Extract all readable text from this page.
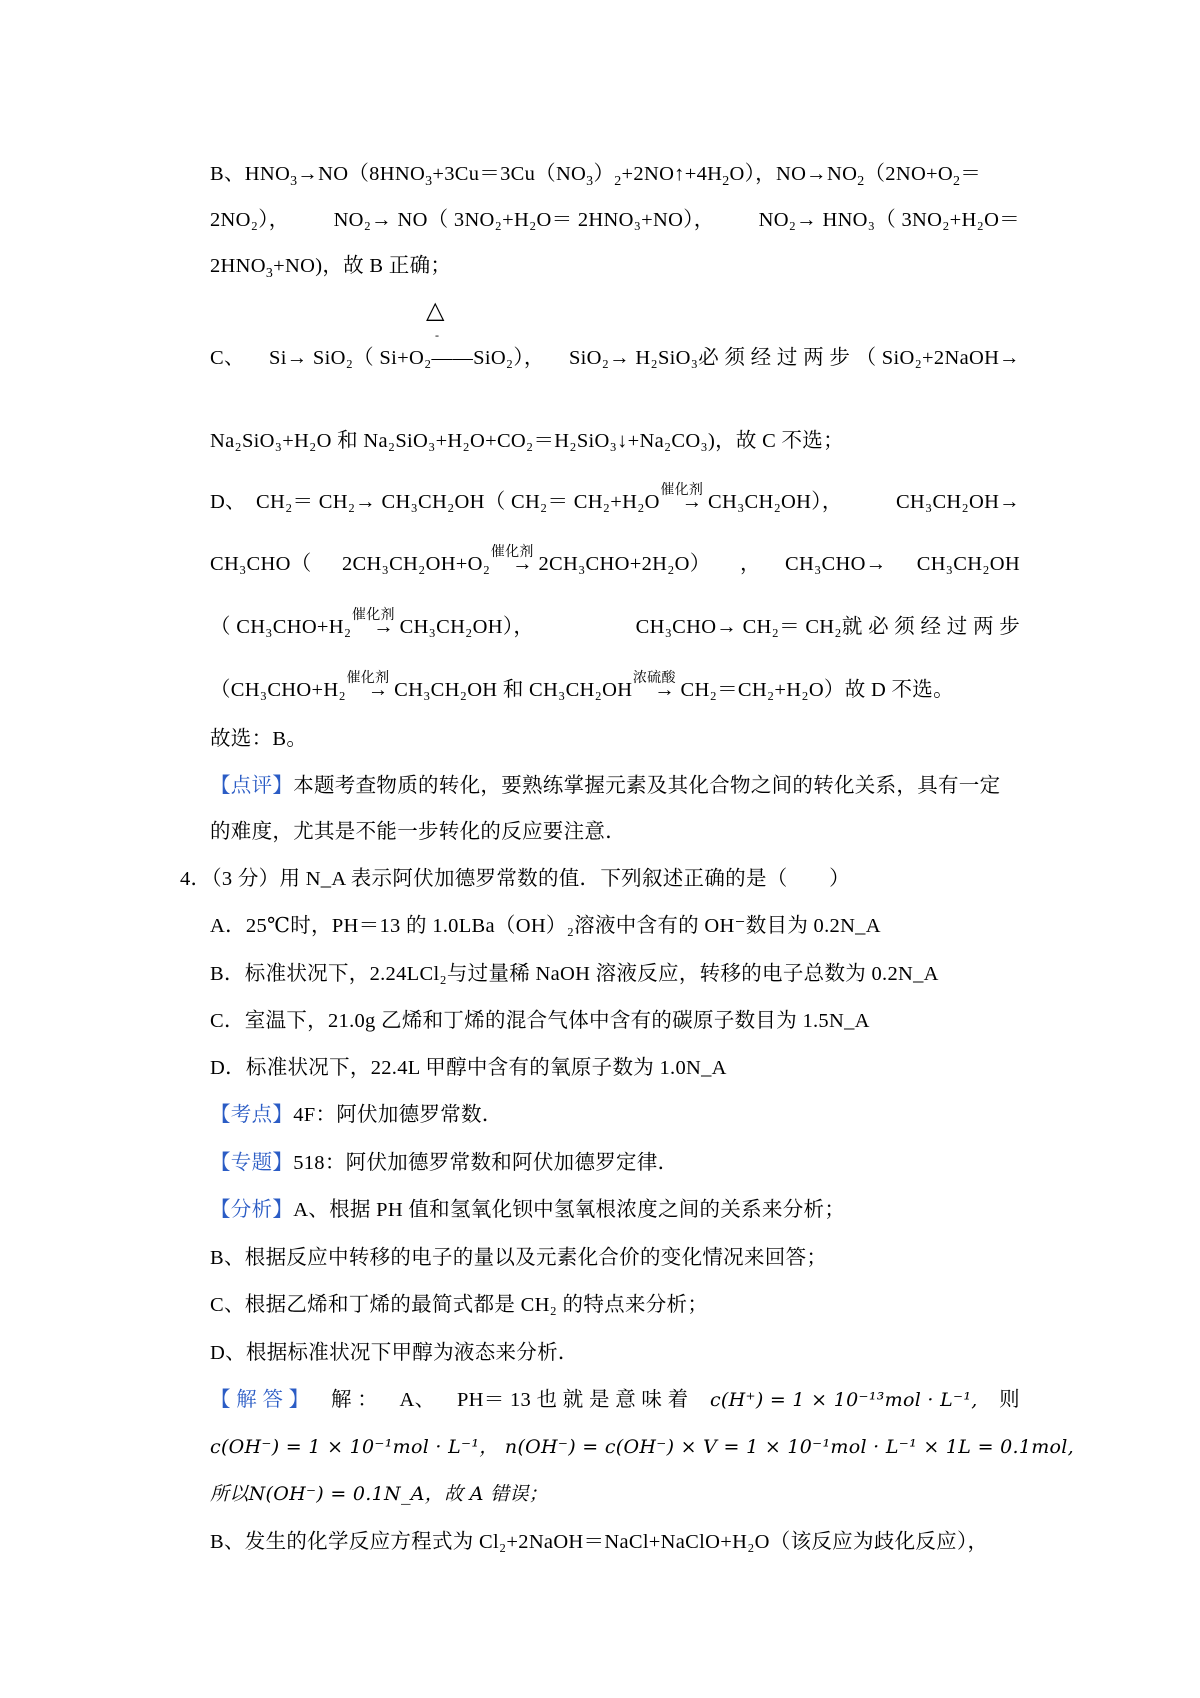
B、$HNO_3\to NO(8HNO_3+3Cu=3Cu(NO_3)_2+2NO↑+4H_2O)$，$NO\to NO_2(2NO+O_2=$
2NO₂）， NO₂→ NO（ 3NO₂+H₂O＝ 2HNO₃+NO）， NO₂→ HNO₃（ 3NO₂+H₂O＝
$2HNO_3+NO$)，故 B 正确；
△
-
C、 Si→ SiO₂（ Si+O₂——SiO₂）， SiO₂→ H₂SiO₃必 须 经 过 两 步 （ SiO₂+2NaOH→
Na₂SiO₃+H₂O 和 Na₂SiO₃+H₂O+CO₂＝H₂SiO₃↓+Na₂CO₃)，故 C 不选；
D、 CH₂＝ CH₂→ CH₃CH₂OH（ CH₂＝ CH₂+H₂O
催化剂
→ CH₃CH₂OH），	CH₃CH₂OH→
CH₃CHO（ 2CH₃CH₂OH+O₂
催化剂
→ 2CH₃CHO+2H₂O） ， CH₃CHO→ CH₃CH₂OH
（ CH₃CHO+H₂
催化剂
→ CH₃CH₂OH），	CH₃CHO→ CH₂＝ CH₂就 必 须 经 过 两 步
（CH₃CHO+H₂
催化剂
→ CH₃CH₂OH 和 CH₃CH₂OH
浓硫酸
→ CH₂＝CH₂+H₂O）故 D 不选。
故选：B。
【点评】本题考查物质的转化，要熟练掌握元素及其化合物之间的转化关系，具有一定
的难度，尤其是不能一步转化的反应要注意．
4．（3 分）用 N_A 表示阿伏加德罗常数的值．下列叙述正确的是（　　）
A．25℃时，PH＝13 的 1.0LBa（OH）₂溶液中含有的 OH⁻数目为 0.2N_A
B．标准状况下，2.24LCl₂与过量稀 NaOH 溶液反应，转移的电子总数为 0.2N_A
C．室温下，21.0g 乙烯和丁烯的混合气体中含有的碳原子数目为 1.5N_A
D．标准状况下，22.4L 甲醇中含有的氧原子数为 1.0N_A
【考点】4F：阿伏加德罗常数．
【专题】518：阿伏加德罗常数和阿伏加德罗定律．
【分析】A、根据 PH 值和氢氧化钡中氢氧根浓度之间的关系来分析；
B、根据反应中转移的电子的量以及元素化合价的变化情况来回答；
C、根据乙烯和丁烯的最简式都是 CH₂ 的特点来分析；
D、根据标准状况下甲醇为液态来分析．
【 解 答 】 解 ： A、 PH＝ 13 也 就 是 意 味 着 c(H⁺) = 1 × 10⁻¹³mol · L⁻¹, 则
c(OH⁻) = 1 × 10⁻¹mol · L⁻¹， n(OH⁻) = c(OH⁻) × V = 1 × 10⁻¹mol · L⁻¹ × 1L = 0.1mol,
所以N(OH⁻) = 0.1N_A，故 A 错误；
B、发生的化学反应方程式为 Cl₂+2NaOH＝NaCl+NaClO+H₂O（该反应为歧化反应），
